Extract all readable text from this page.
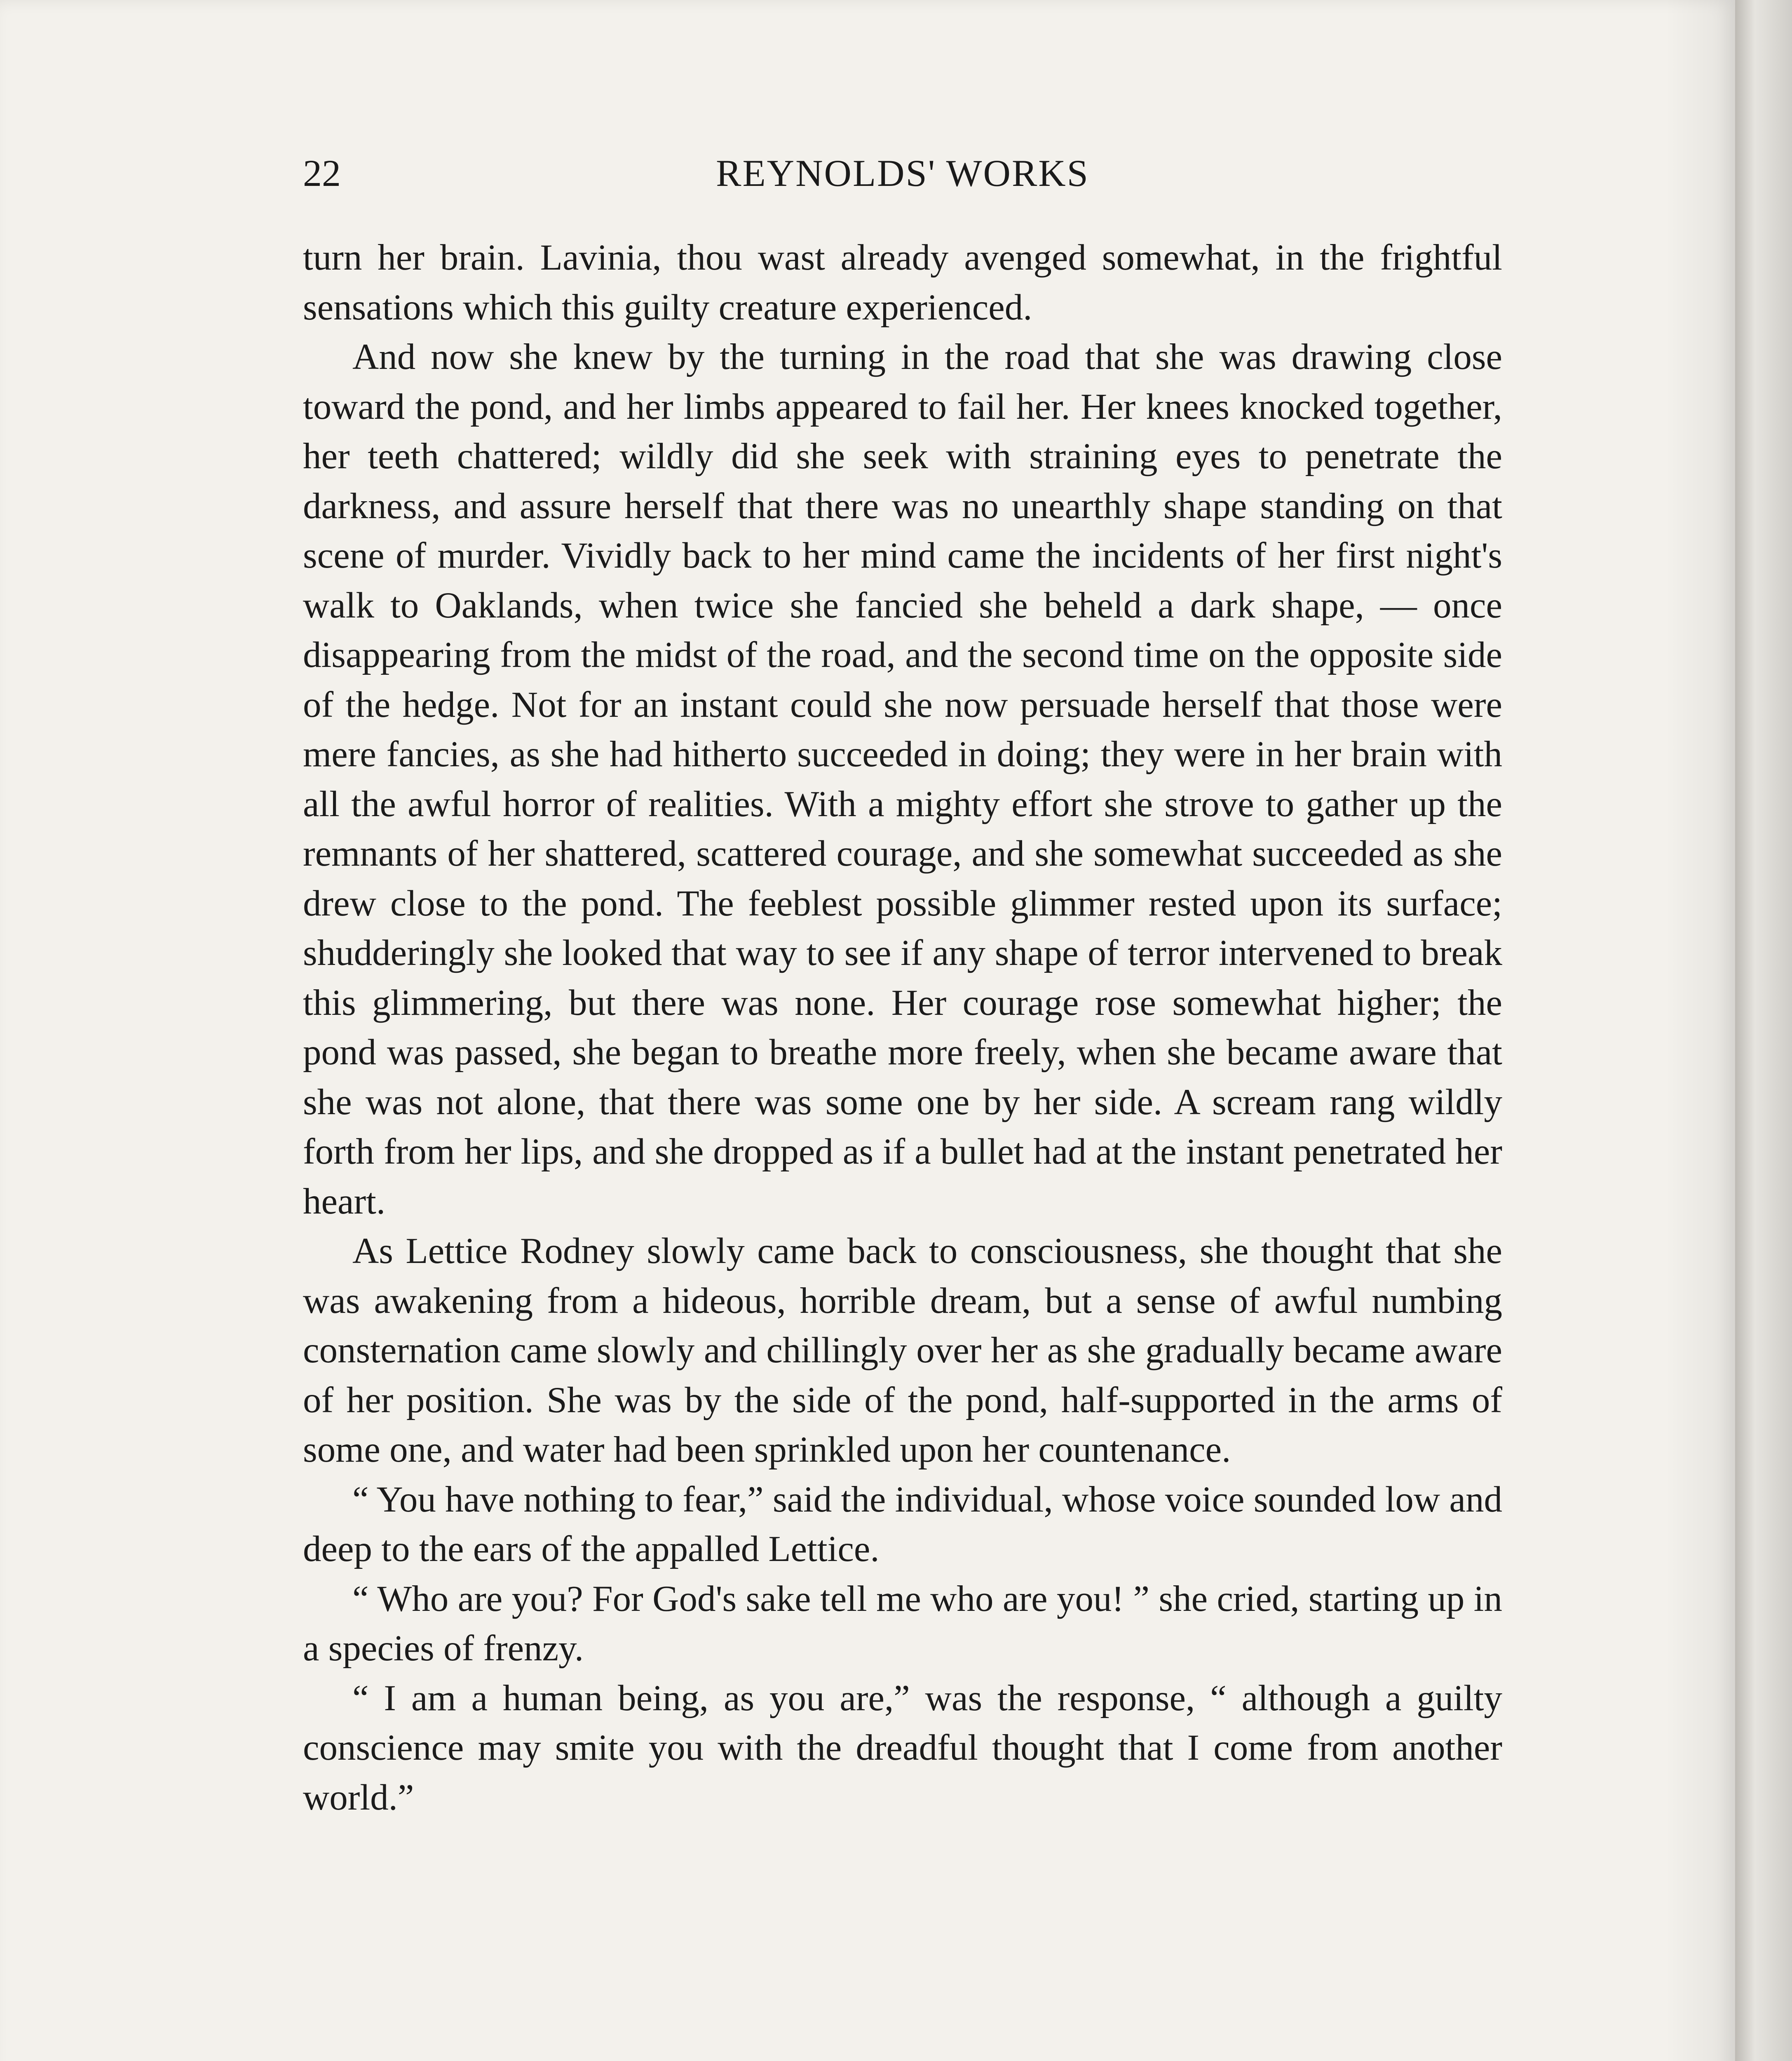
22	REYNOLDS' WORKS

turn her brain. Lavinia, thou wast already avenged somewhat, in the frightful sensations which this guilty creature experienced.

And now she knew by the turning in the road that she was drawing close toward the pond, and her limbs appeared to fail her. Her knees knocked together, her teeth chattered; wildly did she seek with straining eyes to penetrate the darkness, and assure herself that there was no unearthly shape standing on that scene of murder. Vividly back to her mind came the incidents of her first night's walk to Oaklands, when twice she fancied she beheld a dark shape, — once disappearing from the midst of the road, and the second time on the opposite side of the hedge. Not for an instant could she now persuade herself that those were mere fancies, as she had hitherto succeeded in doing; they were in her brain with all the awful horror of realities. With a mighty effort she strove to gather up the remnants of her shattered, scattered courage, and she somewhat succeeded as she drew close to the pond. The feeblest possible glimmer rested upon its surface; shudderingly she looked that way to see if any shape of terror intervened to break this glimmering, but there was none. Her courage rose somewhat higher; the pond was passed, she began to breathe more freely, when she became aware that she was not alone, that there was some one by her side. A scream rang wildly forth from her lips, and she dropped as if a bullet had at the instant penetrated her heart.

As Lettice Rodney slowly came back to consciousness, she thought that she was awakening from a hideous, horrible dream, but a sense of awful numbing consternation came slowly and chillingly over her as she gradually became aware of her position. She was by the side of the pond, half-supported in the arms of some one, and water had been sprinkled upon her countenance.

“ You have nothing to fear,” said the individual, whose voice sounded low and deep to the ears of the appalled Lettice.

“ Who are you? For God's sake tell me who are you! ” she cried, starting up in a species of frenzy.

“ I am a human being, as you are,” was the response, “ although a guilty conscience may smite you with the dreadful thought that I come from another world.”
